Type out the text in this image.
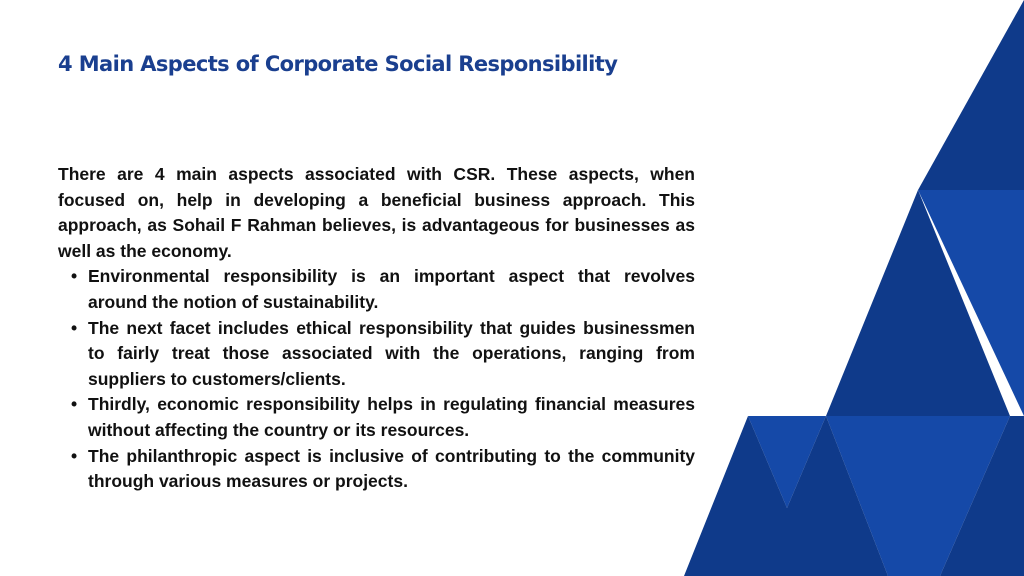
4 Main Aspects of Corporate Social Responsibility

There are 4 main aspects associated with CSR. These aspects, when focused on, help in developing a beneficial business approach. This approach, as Sohail F Rahman believes, is advantageous for businesses as well as the economy.

• Environmental responsibility is an important aspect that revolves around the notion of sustainability.
• The next facet includes ethical responsibility that guides businessmen to fairly treat those associated with the operations, ranging from suppliers to customers/clients.
• Thirdly, economic responsibility helps in regulating financial measures without affecting the country or its resources.
• The philanthropic aspect is inclusive of contributing to the community through various measures or projects.
